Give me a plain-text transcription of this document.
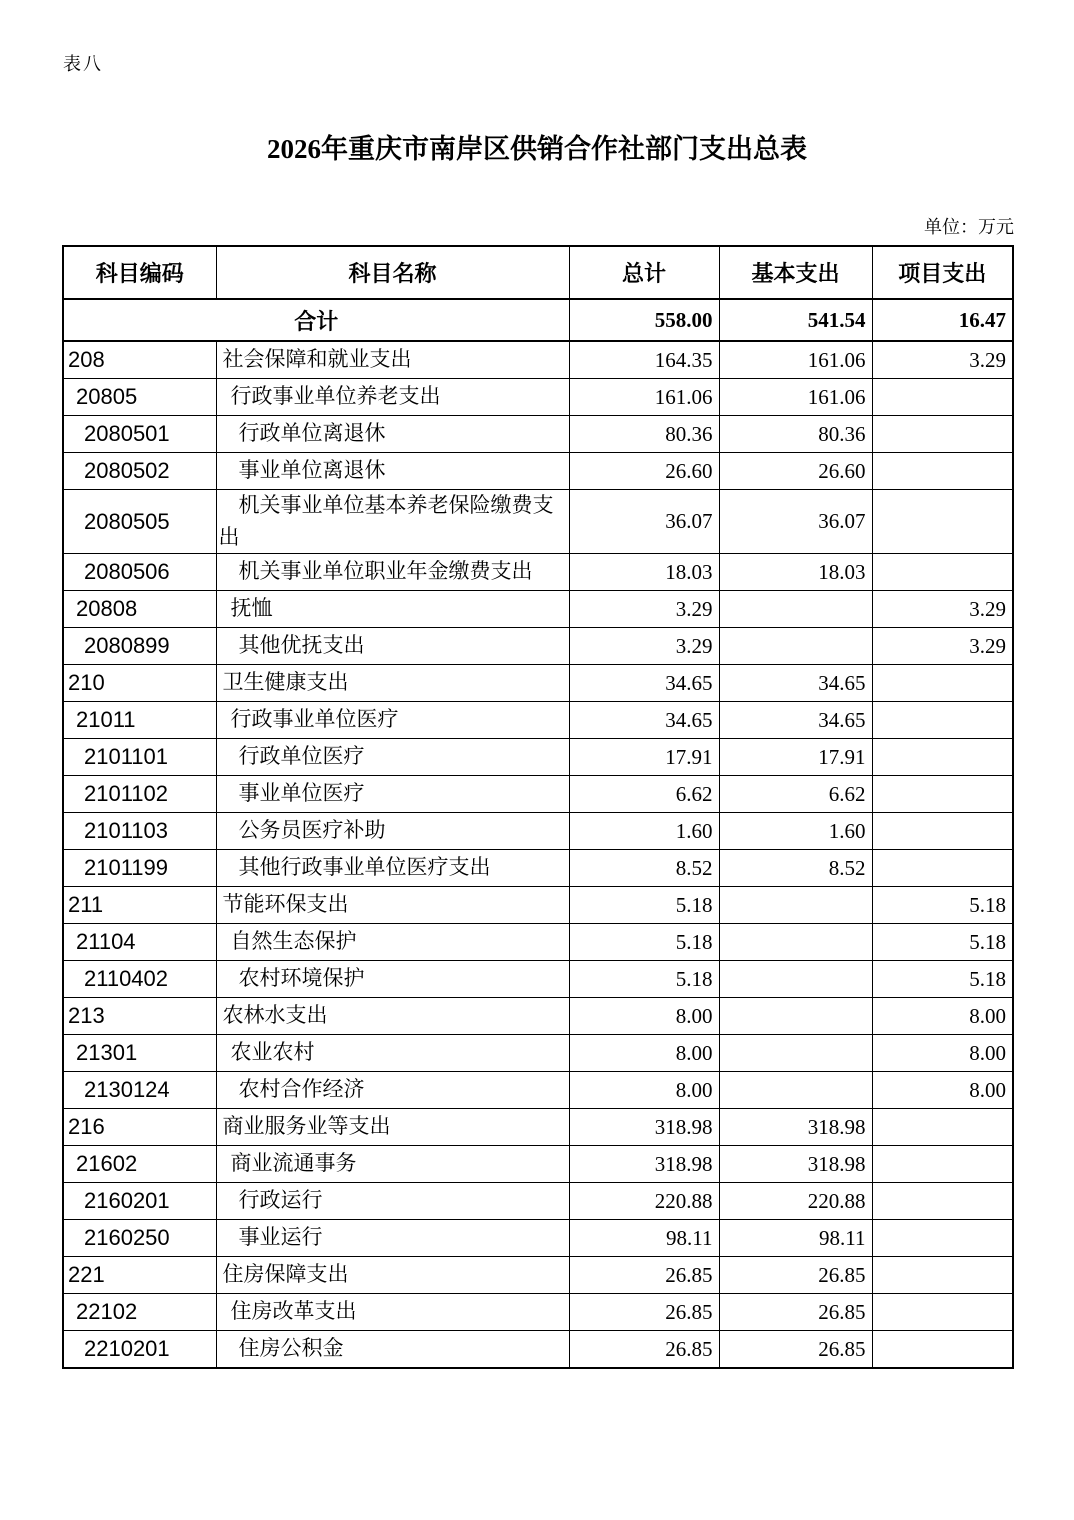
表八
2026年重庆市南岸区供销合作社部门支出总表
单位：万元
科目编码	科目名称	总计	基本支出	项目支出
合计		558.00	541.54	16.47
208	社会保障和就业支出	164.35	161.06	3.29
20805	行政事业单位养老支出	161.06	161.06	
2080501	行政单位离退休	80.36	80.36	
2080502	事业单位离退休	26.60	26.60	
2080505	机关事业单位基本养老保险缴费支出	36.07	36.07	
2080506	机关事业单位职业年金缴费支出	18.03	18.03	
20808	抚恤	3.29		3.29
2080899	其他优抚支出	3.29		3.29
210	卫生健康支出	34.65	34.65	
21011	行政事业单位医疗	34.65	34.65	
2101101	行政单位医疗	17.91	17.91	
2101102	事业单位医疗	6.62	6.62	
2101103	公务员医疗补助	1.60	1.60	
2101199	其他行政事业单位医疗支出	8.52	8.52	
211	节能环保支出	5.18		5.18
21104	自然生态保护	5.18		5.18
2110402	农村环境保护	5.18		5.18
213	农林水支出	8.00		8.00
21301	农业农村	8.00		8.00
2130124	农村合作经济	8.00		8.00
216	商业服务业等支出	318.98	318.98	
21602	商业流通事务	318.98	318.98	
2160201	行政运行	220.88	220.88	
2160250	事业运行	98.11	98.11	
221	住房保障支出	26.85	26.85	
22102	住房改革支出	26.85	26.85	
2210201	住房公积金	26.85	26.85	
